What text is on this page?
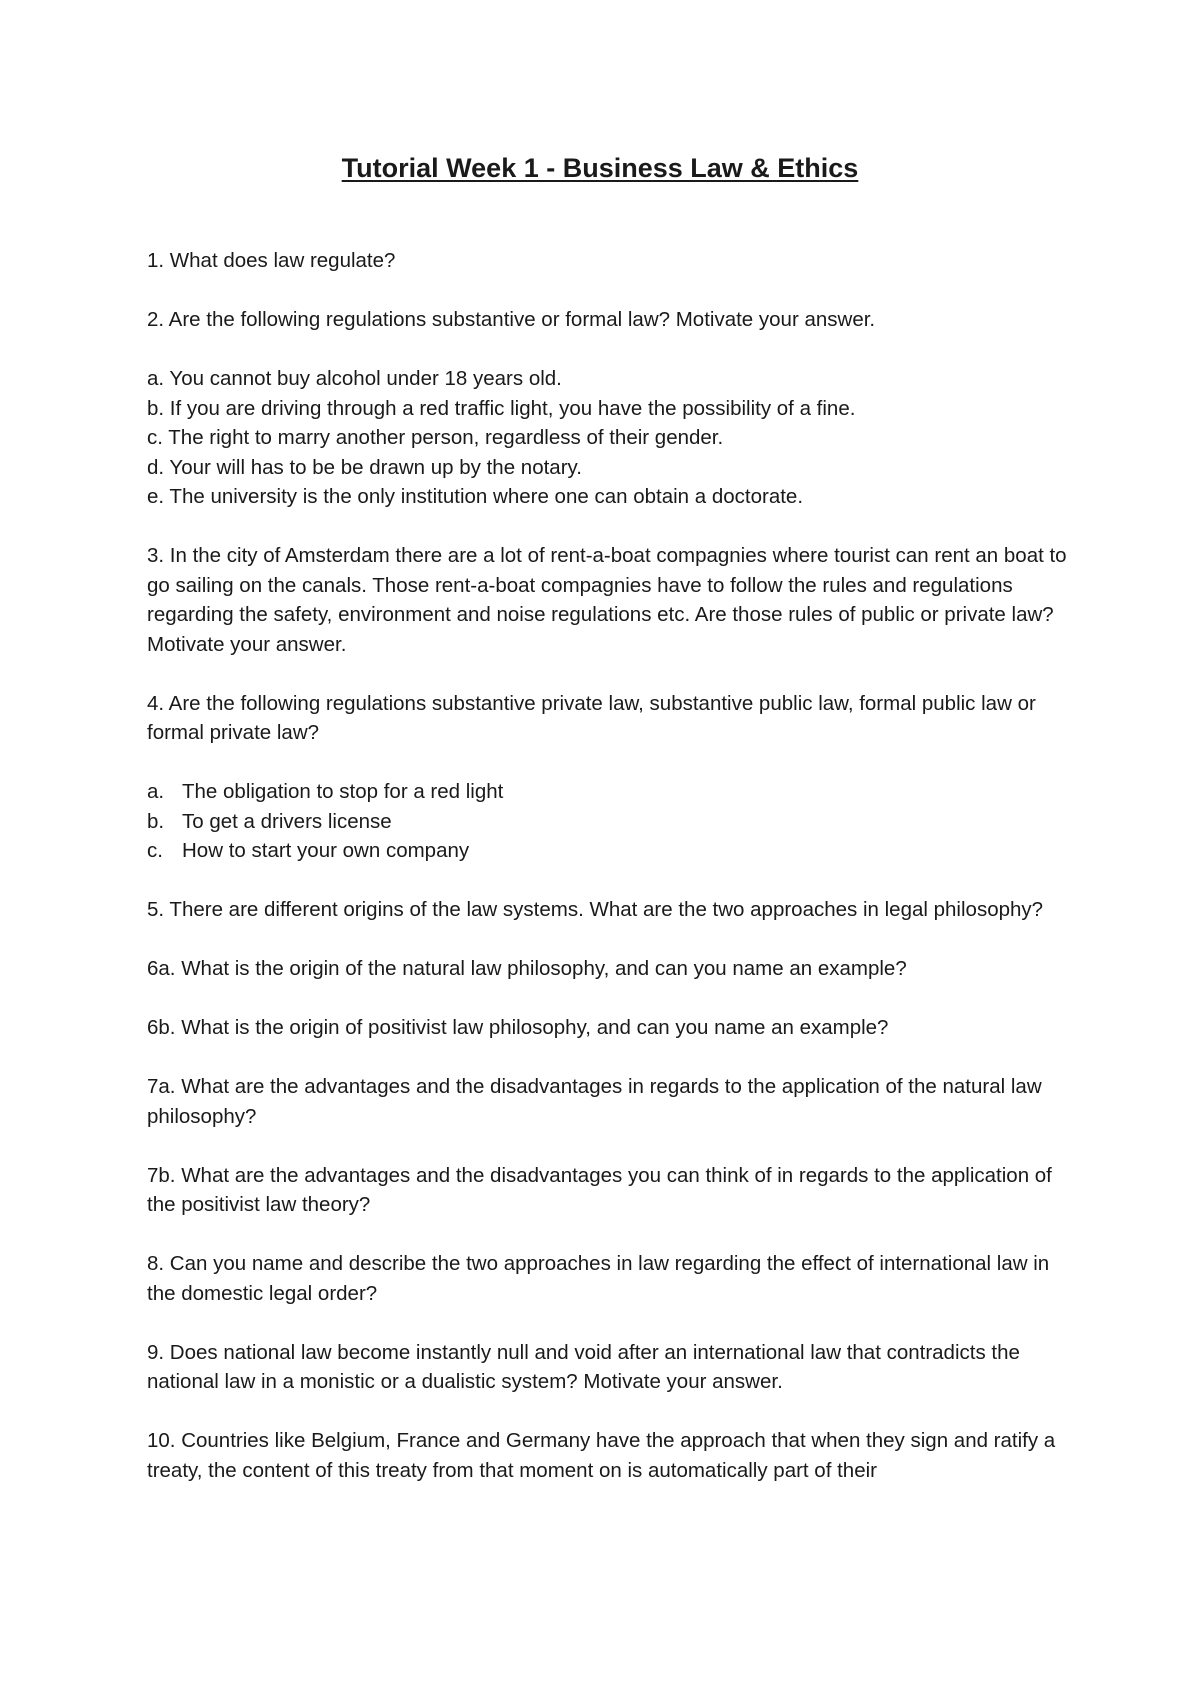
Tutorial Week 1 - Business Law & Ethics

1. What does law regulate?

2. Are the following regulations substantive or formal law? Motivate your answer.

a. You cannot buy alcohol under 18 years old.

b. If you are driving through a red traffic light, you have the possibility of a fine.

c. The right to marry another person, regardless of their gender.

d. Your will has to be be drawn up by the notary.

e. The university is the only institution where one can obtain a doctorate.

3. In the city of Amsterdam there are a lot of rent-a-boat compagnies where tourist can rent an boat to go sailing on the canals. Those rent-a-boat compagnies have to follow the rules and regulations regarding the safety, environment and noise regulations etc. Are those rules of public or private law? Motivate your answer.

4. Are the following regulations substantive private law, substantive public law, formal public law or formal private law?

a. The obligation to stop for a red light
b. To get a drivers license
c. How to start your own company

5. There are different origins of the law systems. What are the two approaches in legal philosophy?

6a. What is the origin of the natural law philosophy, and can you name an example?

6b. What is the origin of positivist law philosophy, and can you name an example?

7a. What are the advantages and the disadvantages in regards to the application of the natural law philosophy?

7b. What are the advantages and the disadvantages you can think of in regards to the application of the positivist law theory?

8. Can you name and describe the two approaches in law regarding the effect of international law in the domestic legal order?

9. Does national law become instantly null and void after an international law that contradicts the national law in a monistic or a dualistic system? Motivate your answer.

10. Countries like Belgium, France and Germany have the approach that when they sign and ratify a treaty, the content of this treaty from that moment on is automatically part of their
